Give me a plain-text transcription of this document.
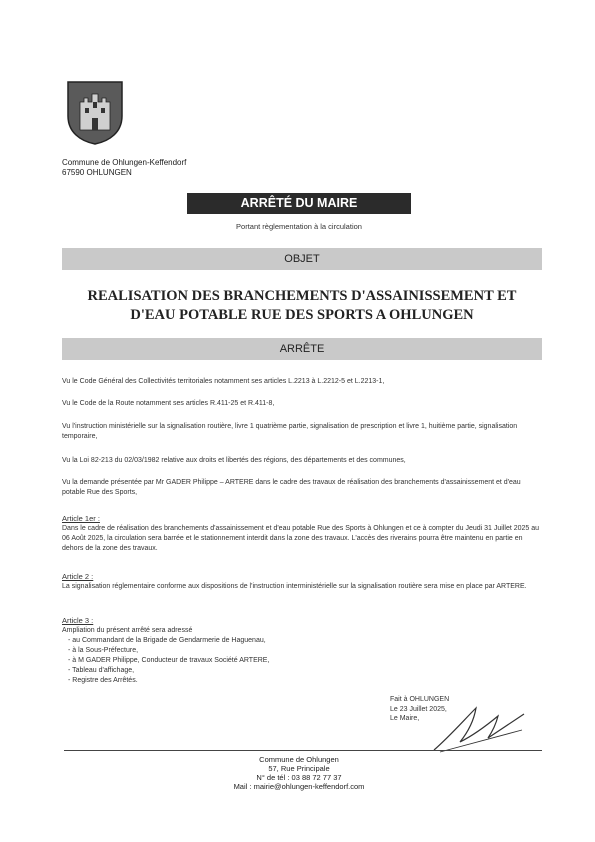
Commune de Ohlungen-Keffendorf
67590 OHLUNGEN
ARRÊTÉ DU MAIRE
Portant règlementation à la circulation
OBJET
REALISATION DES BRANCHEMENTS D'ASSAINISSEMENT ET
D'EAU POTABLE RUE DES SPORTS A OHLUNGEN
ARRÊTE
Vu le Code Général des Collectivités territoriales notamment ses articles L.2213 à L.2212-5 et L.2213-1,
Vu le Code de la Route notamment ses articles R.411-25 et R.411-8,
Vu l'instruction ministérielle sur la signalisation routière, livre 1 quatrième partie, signalisation de prescription et livre 1, huitième partie, signalisation temporaire,
Vu la Loi 82-213 du 02/03/1982 relative aux droits et libertés des régions, des départements et des communes,
Vu la demande présentée par Mr GADER Philippe – ARTERE dans le cadre des travaux de réalisation des branchements d'assainissement et d'eau potable Rue des Sports,
Article 1er :
Dans le cadre de réalisation des branchements d'assainissement et d'eau potable Rue des Sports à Ohlungen et ce à compter du Jeudi 31 Juillet 2025 au 06 Août 2025, la circulation sera barrée et le stationnement interdit dans la zone des travaux. L'accès des riverains pourra être maintenu en partie en dehors de la zone des travaux.
Article 2 :
La signalisation réglementaire conforme aux dispositions de l'instruction interministérielle sur la signalisation routière sera mise en place par ARTERE.
Article 3 :
Ampliation du présent arrêté sera adressé
- au Commandant de la Brigade de Gendarmerie de Haguenau,
- à la Sous-Préfecture,
- à M GADER Philippe, Conducteur de travaux Société ARTERE,
- Tableau d'affichage,
- Registre des Arrêtés.
Fait à OHLUNGEN
Le 23 Juillet 2025,
Le Maire,
Commune de Ohlungen
57, Rue Principale
N° de tél : 03 88 72 77 37
Mail : mairie@ohlungen-keffendorf.com
